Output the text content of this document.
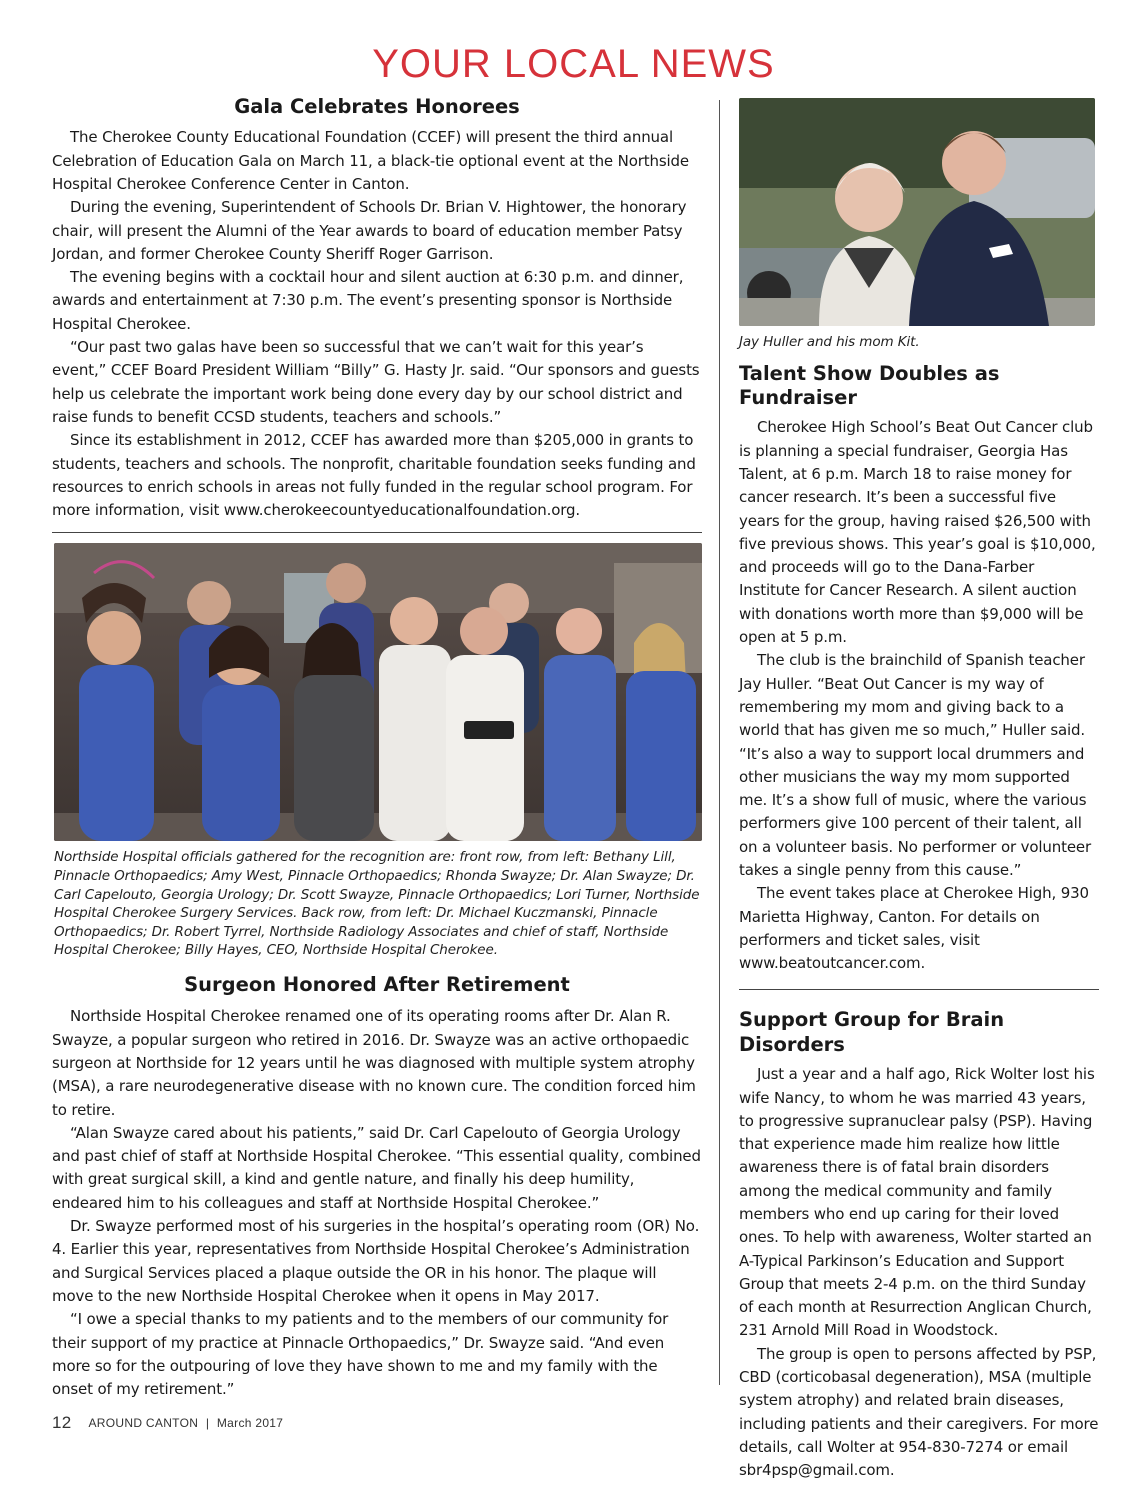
YOUR LOCAL NEWS
Gala Celebrates Honorees

The Cherokee County Educational Foundation (CCEF) will present the third annual Celebration of Education Gala on March 11, a black-tie optional event at the Northside Hospital Cherokee Conference Center in Canton.

During the evening, Superintendent of Schools Dr. Brian V. Hightower, the honorary chair, will present the Alumni of the Year awards to board of education member Patsy Jordan, and former Cherokee County Sheriff Roger Garrison.

The evening begins with a cocktail hour and silent auction at 6:30 p.m. and dinner, awards and entertainment at 7:30 p.m. The event’s presenting sponsor is Northside Hospital Cherokee.

“Our past two galas have been so successful that we can’t wait for this year’s event,” CCEF Board President William “Billy” G. Hasty Jr. said. “Our sponsors and guests help us celebrate the important work being done every day by our school district and raise funds to benefit CCSD students, teachers and schools.”

Since its establishment in 2012, CCEF has awarded more than $205,000 in grants to students, teachers and schools. The nonprofit, charitable foundation seeks funding and resources to enrich schools in areas not fully funded in the regular school program. For more information, visit www.cherokeecountyeducationalfoundation.org.

Northside Hospital officials gathered for the recognition are: front row, from left: Bethany Lill, Pinnacle Orthopaedics; Amy West, Pinnacle Orthopaedics; Rhonda Swayze; Dr. Alan Swayze; Dr. Carl Capelouto, Georgia Urology; Dr. Scott Swayze, Pinnacle Orthopaedics; Lori Turner, Northside Hospital Cherokee Surgery Services. Back row, from left: Dr. Michael Kuczmanski, Pinnacle Orthopaedics; Dr. Robert Tyrrel, Northside Radiology Associates and chief of staff, Northside Hospital Cherokee; Billy Hayes, CEO, Northside Hospital Cherokee.
Surgeon Honored After Retirement

Northside Hospital Cherokee renamed one of its operating rooms after Dr. Alan R. Swayze, a popular surgeon who retired in 2016. Dr. Swayze was an active orthopaedic surgeon at Northside for 12 years until he was diagnosed with multiple system atrophy (MSA), a rare neurodegenerative disease with no known cure. The condition forced him to retire.

“Alan Swayze cared about his patients,” said Dr. Carl Capelouto of Georgia Urology and past chief of staff at Northside Hospital Cherokee. “This essential quality, combined with great surgical skill, a kind and gentle nature, and finally his deep humility, endeared him to his colleagues and staff at Northside Hospital Cherokee.”

Dr. Swayze performed most of his surgeries in the hospital’s operating room (OR) No. 4. Earlier this year, representatives from Northside Hospital Cherokee’s Administration and Surgical Services placed a plaque outside the OR in his honor. The plaque will move to the new Northside Hospital Cherokee when it opens in May 2017.

“I owe a special thanks to my patients and to the members of our community for their support of my practice at Pinnacle Orthopaedics,” Dr. Swayze said. “And even more so for the outpouring of love they have shown to me and my family with the onset of my retirement.”

Jay Huller and his mom Kit.
Talent Show Doubles as Fundraiser

Cherokee High School’s Beat Out Cancer club is planning a special fundraiser, Georgia Has Talent, at 6 p.m. March 18 to raise money for cancer research. It’s been a successful five years for the group, having raised $26,500 with five previous shows. This year’s goal is $10,000, and proceeds will go to the Dana-Farber Institute for Cancer Research. A silent auction with donations worth more than $9,000 will be open at 5 p.m.

The club is the brainchild of Spanish teacher Jay Huller. “Beat Out Cancer is my way of remembering my mom and giving back to a world that has given me so much,” Huller said. “It’s also a way to support local drummers and other musicians the way my mom supported me. It’s a show full of music, where the various performers give 100 percent of their talent, all on a volunteer basis. No performer or volunteer takes a single penny from this cause.”

The event takes place at Cherokee High, 930 Marietta Highway, Canton. For details on performers and ticket sales, visit www.beatoutcancer.com.

Support Group for Brain Disorders

Just a year and a half ago, Rick Wolter lost his wife Nancy, to whom he was married 43 years, to progressive supranuclear palsy (PSP). Having that experience made him realize how little awareness there is of fatal brain disorders among the medical community and family members who end up caring for their loved ones. To help with awareness, Wolter started an A-Typical Parkinson’s Education and Support Group that meets 2-4 p.m. on the third Sunday of each month at Resurrection Anglican Church, 231 Arnold Mill Road in Woodstock.

The group is open to persons affected by PSP, CBD (corticobasal degeneration), MSA (multiple system atrophy) and related brain diseases, including patients and their caregivers. For more details, call Wolter at 954-830-7274 or email sbr4psp@gmail.com.

12 AROUND CANTON | March 2017
